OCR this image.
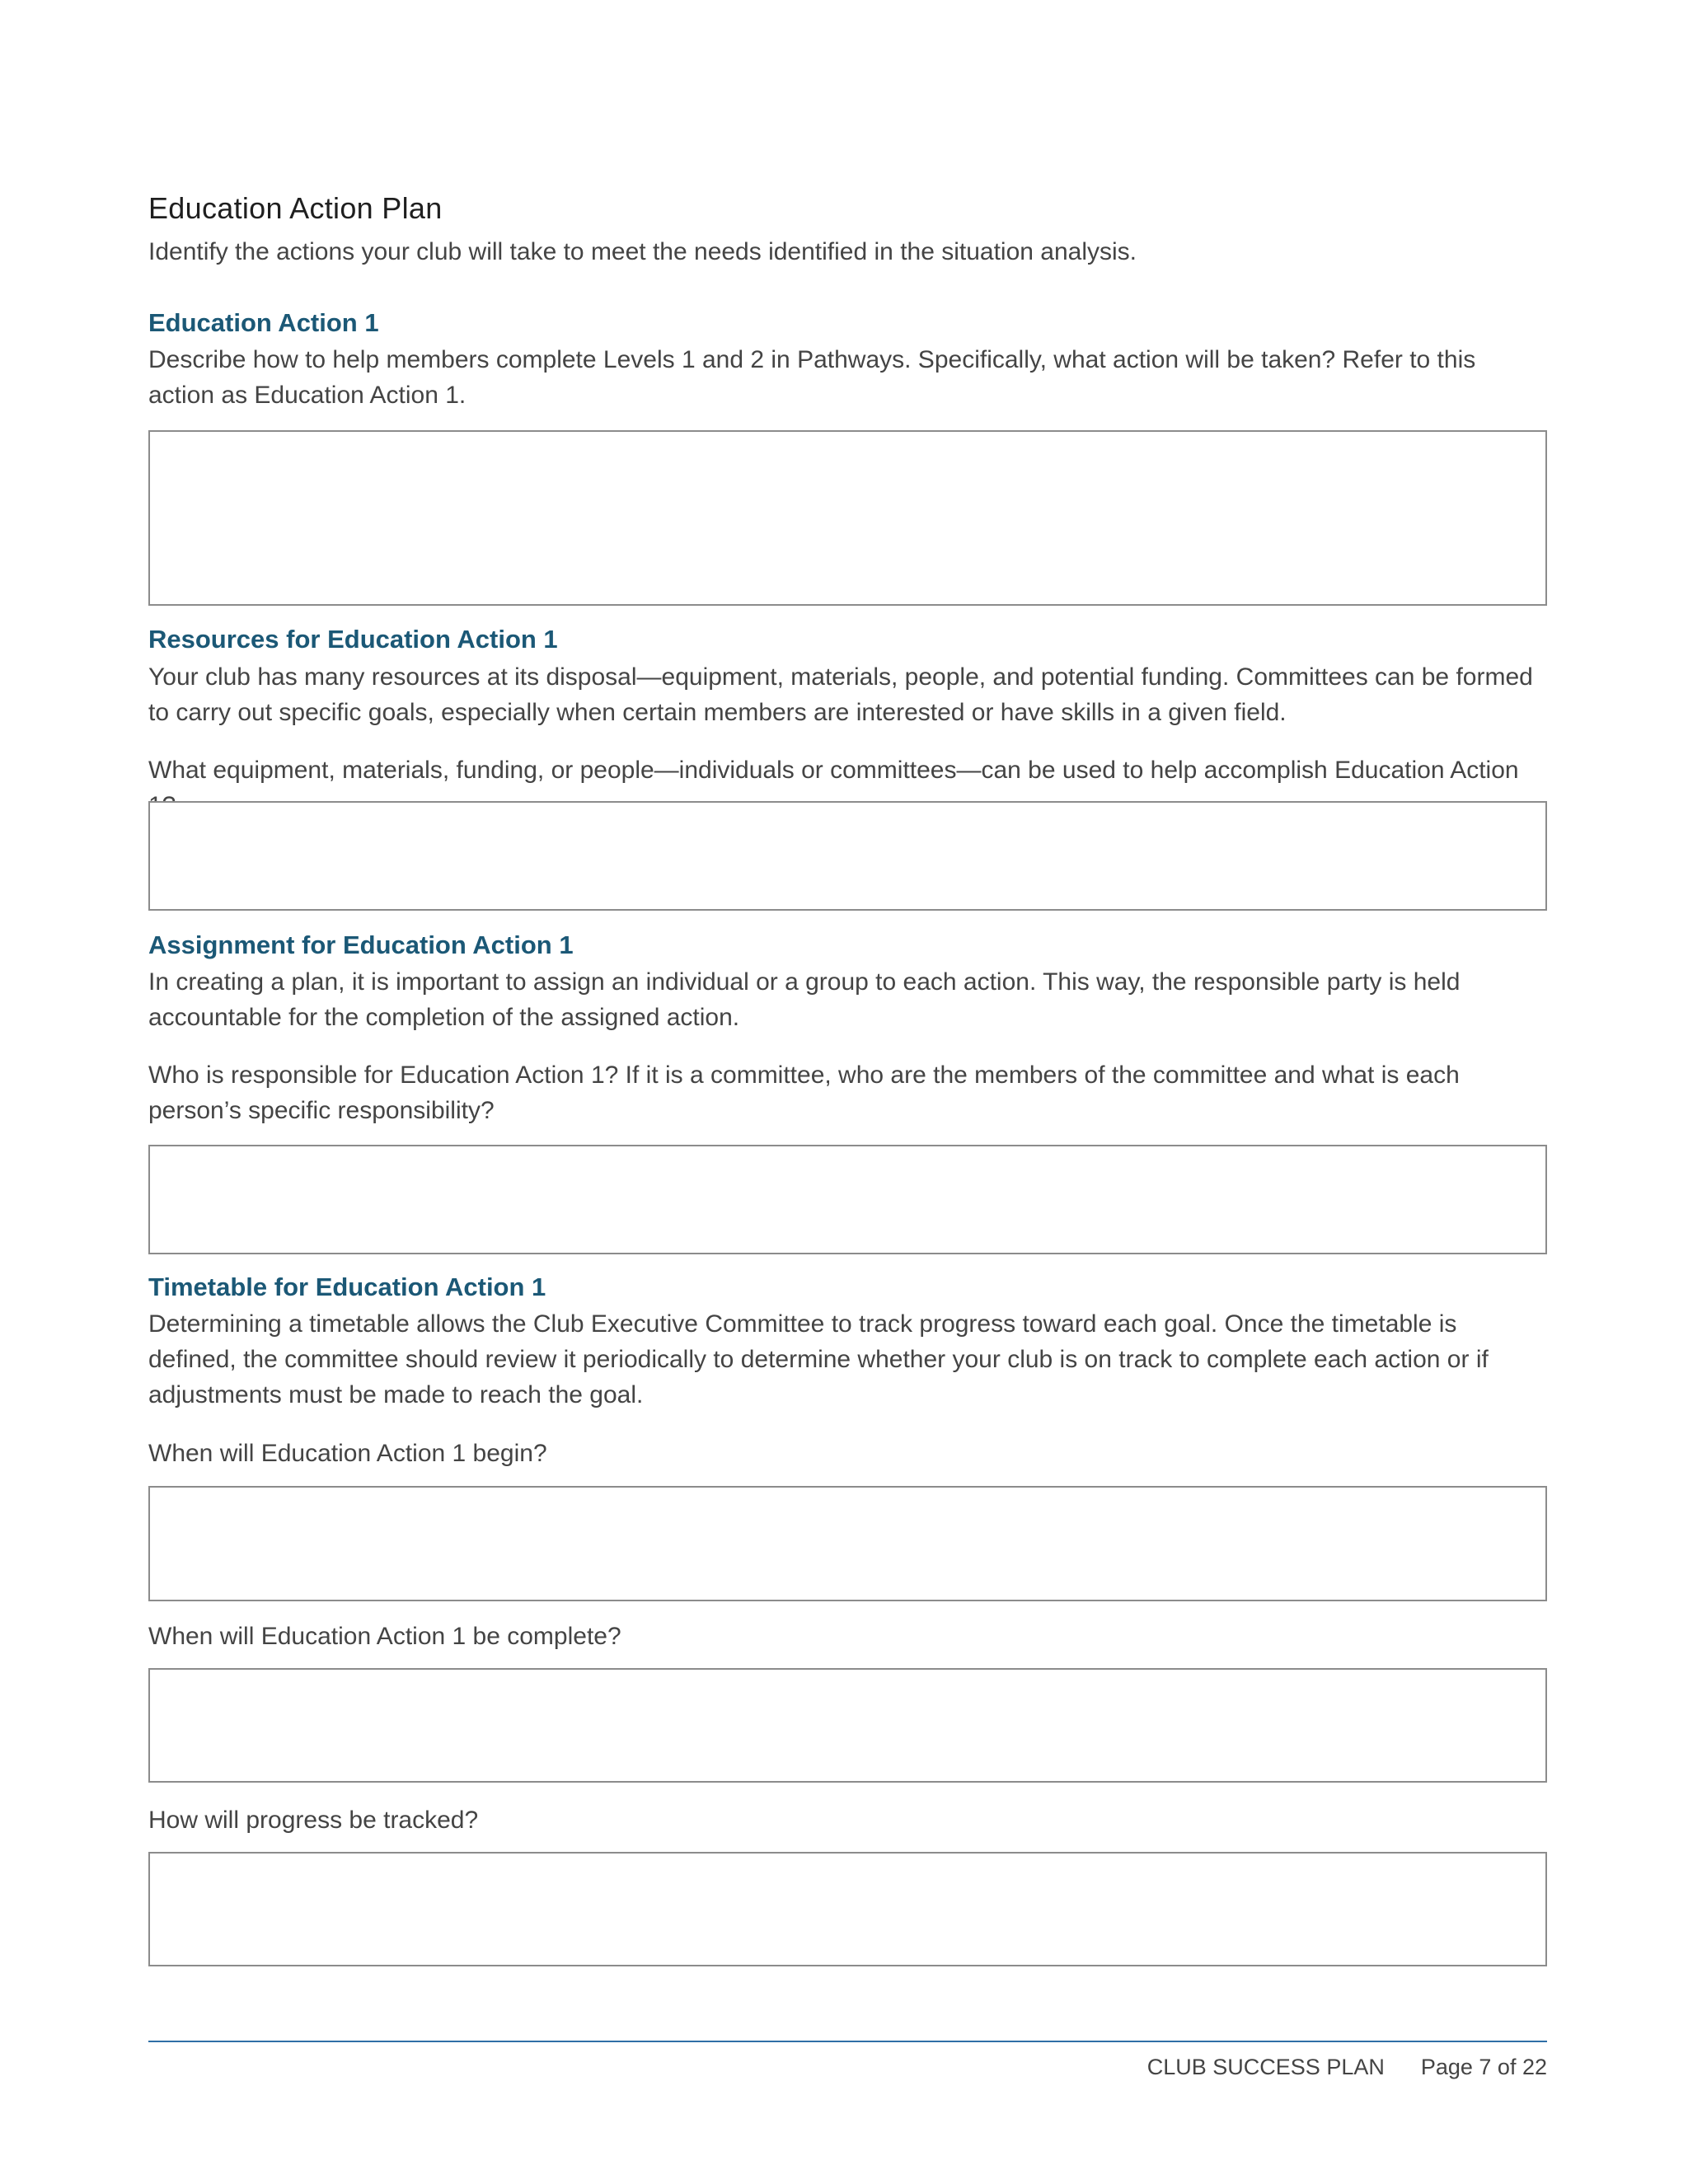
Education Action Plan

Identify the actions your club will take to meet the needs identified in the situation analysis.

Education Action 1

Describe how to help members complete Levels 1 and 2 in Pathways. Specifically, what action will be taken? Refer to this action as Education Action 1.

Resources for Education Action 1

Your club has many resources at its disposal—equipment, materials, people, and potential funding. Committees can be formed to carry out specific goals, especially when certain members are interested or have skills in a given field.

What equipment, materials, funding, or people—individuals or committees—can be used to help accomplish Education Action

Assignment for Education Action 1

In creating a plan, it is important to assign an individual or a group to each action. This way, the responsible party is held accountable for the completion of the assigned action.

Who is responsible for Education Action 1? If it is a committee, who are the members of the committee and what is each person’s specific responsibility?

Timetable for Education Action 1

Determining a timetable allows the Club Executive Committee to track progress toward each goal. Once the timetable is defined, the committee should review it periodically to determine whether your club is on track to complete each action or if adjustments must be made to reach the goal.

When will Education Action 1 begin?

When will Education Action 1 be complete?

How will progress be tracked?

CLUB SUCCESS PLAN Page 7 of 22
